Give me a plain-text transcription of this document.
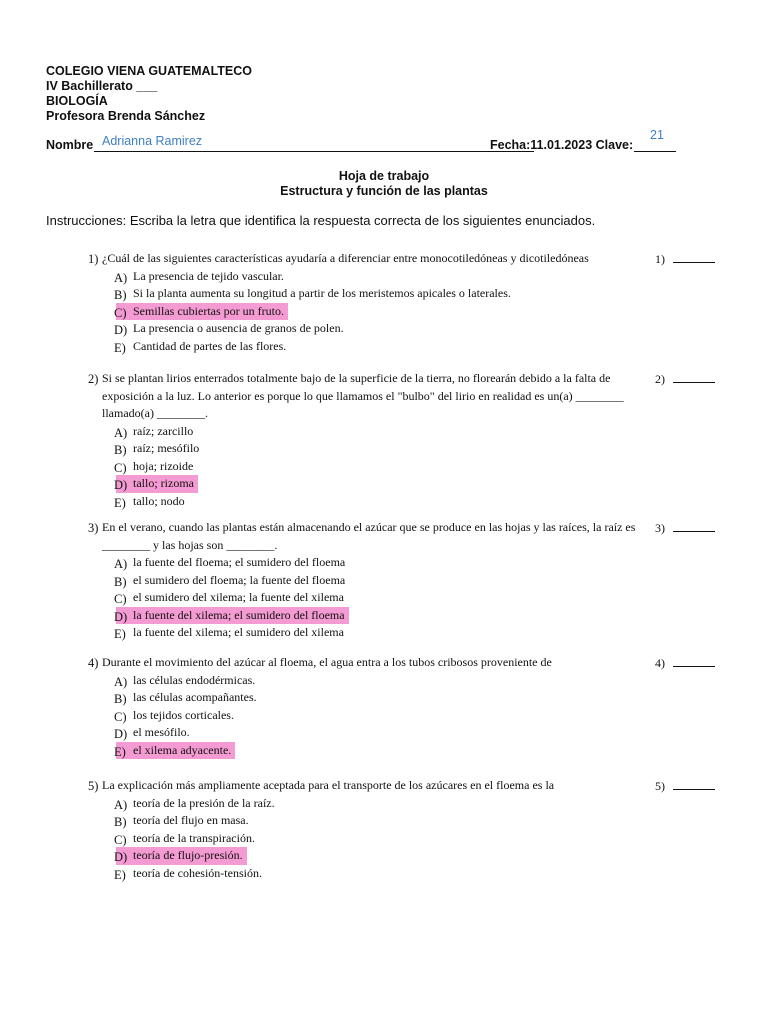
COLEGIO VIENA GUATEMALTECO
IV Bachillerato ___
BIOLOGÍA
Profesora Brenda Sánchez
Nombre Adrianna Ramirez	Fecha:11.01.2023 Clave:
21
Hoja de trabajo
Estructura y función de las plantas
Instrucciones: Escriba la letra que identifica la respuesta correcta de los siguientes enunciados.
1) ¿Cuál de las siguientes características ayudaría a diferenciar entre monocotiledóneas y dicotiledóneas
A) La presencia de tejido vascular.
B) Si la planta aumenta su longitud a partir de los meristemos apicales o laterales.
C) Semillas cubiertas por un fruto.
D) La presencia o ausencia de granos de polen.
E) Cantidad de partes de las flores.
1)
2) Si se plantan lirios enterrados totalmente bajo de la superficie de la tierra, no florearán debido a la falta de exposición a la luz. Lo anterior es porque lo que llamamos el "bulbo" del lirio en realidad es un(a) ________ llamado(a) ________.
A) raíz; zarcillo
B) raíz; mesófilo
C) hoja; rizoide
D) tallo; rizoma
E) tallo; nodo
2)
3) En el verano, cuando las plantas están almacenando el azúcar que se produce en las hojas y las raíces, la raíz es ________ y las hojas son ________.
A) la fuente del floema; el sumidero del floema
B) el sumidero del floema; la fuente del floema
C) el sumidero del xilema; la fuente del xilema
D) la fuente del xilema; el sumidero del floema
E) la fuente del xilema; el sumidero del xilema
3)
4) Durante el movimiento del azúcar al floema, el agua entra a los tubos cribosos proveniente de
A) las células endodérmicas.
B) las células acompañantes.
C) los tejidos corticales.
D) el mesófilo.
E) el xilema adyacente.
4)
5) La explicación más ampliamente aceptada para el transporte de los azúcares en el floema es la
A) teoría de la presión de la raíz.
B) teoría del flujo en masa.
C) teoría de la transpiración.
D) teoría de flujo-presión.
E) teoría de cohesión-tensión.
5)
